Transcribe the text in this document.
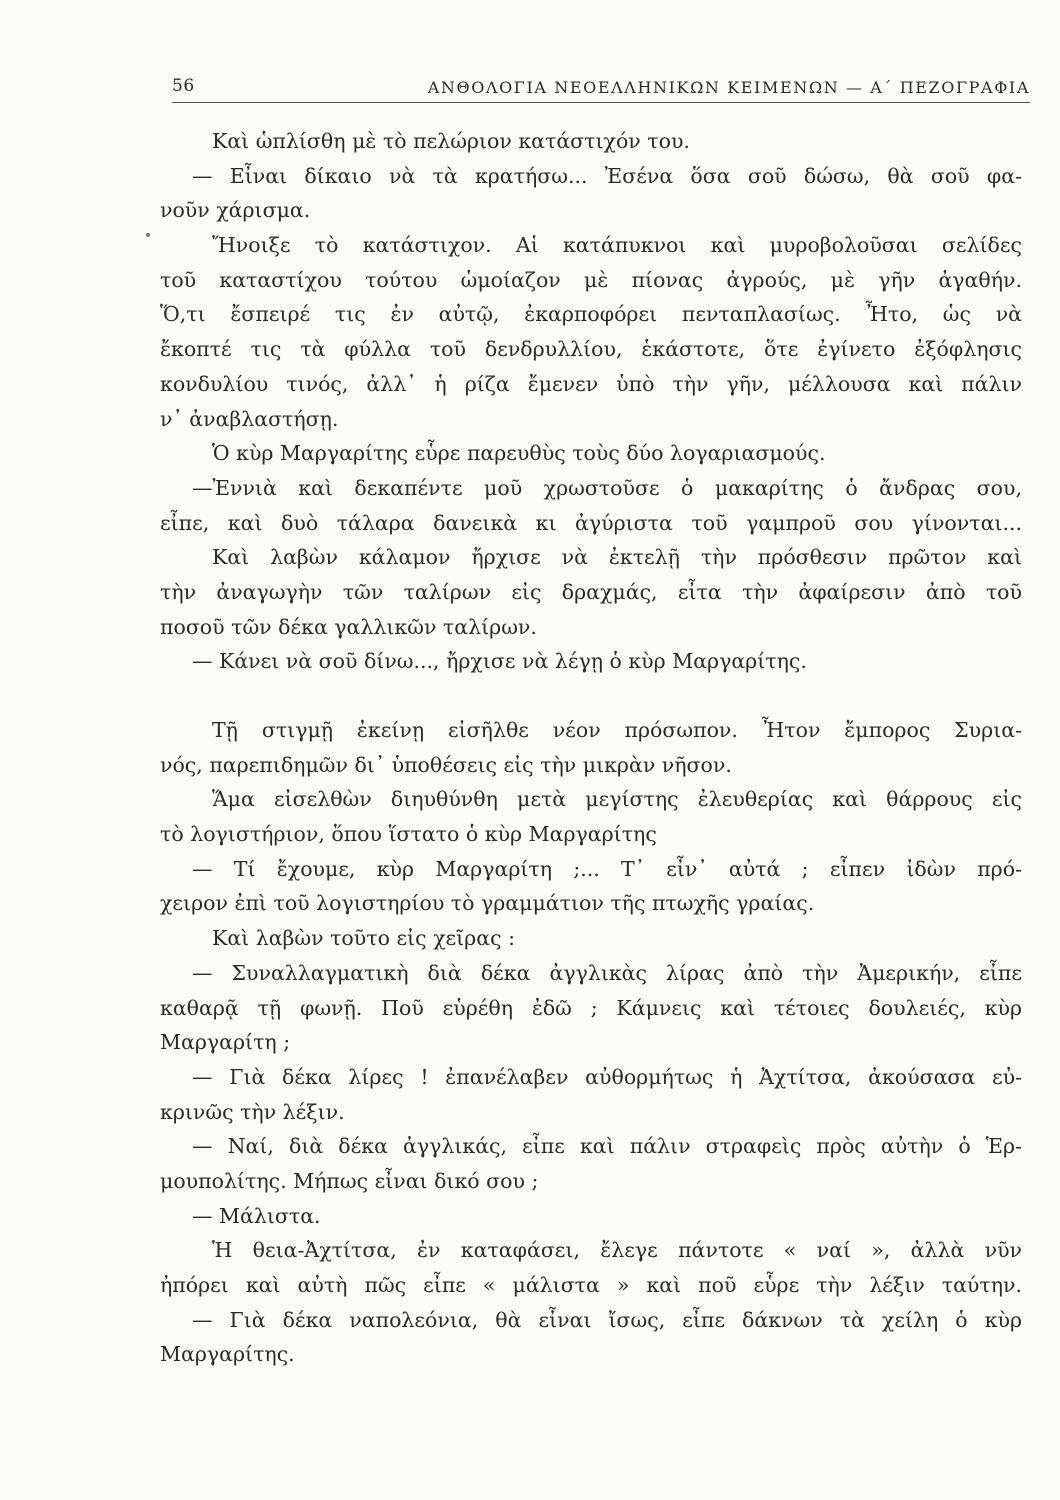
56	ΑΝΘΟΛΟΓΙΑ ΝΕΟΕΛΛΗΝΙΚΩΝ ΚΕΙΜΕΝΩΝ — Α΄ ΠΕΖΟΓΡΑΦΙΑ
Καὶ ὡπλίσθη μὲ τὸ πελώριον κατάστιχόν του.
— Εἶναι δίκαιο νὰ τὰ κρατήσω... Ἐσένα ὅσα σοῦ δώσω, θὰ σοῦ φα-
νοῦν χάρισμα.
Ἤνοιξε τὸ κατάστιχον. Αἱ κατάπυκνοι καὶ μυροβολοῦσαι σελίδες
τοῦ καταστίχου τούτου ὡμοίαζον μὲ πίονας ἀγρούς, μὲ γῆν ἀγαθήν.
Ὅ,τι ἔσπειρέ τις ἐν αὐτῷ, ἐκαρποφόρει πενταπλασίως. Ἦτο, ὡς νὰ
ἔκοπτέ τις τὰ φύλλα τοῦ δενδρυλλίου, ἑκάστοτε, ὅτε ἐγίνετο ἐξόφλησις
κονδυλίου τινός, ἀλλ᾽ ἡ ρίζα ἔμενεν ὑπὸ τὴν γῆν, μέλλουσα καὶ πάλιν
ν᾽ ἀναβλαστήσῃ.
Ὁ κὺρ Μαργαρίτης εὗρε παρευθὺς τοὺς δύο λογαριασμούς.
—Ἐννιὰ καὶ δεκαπέντε μοῦ χρωστοῦσε ὁ μακαρίτης ὁ ἄνδρας σου,
εἶπε, καὶ δυὸ τάλαρα δανεικὰ κι ἀγύριστα τοῦ γαμπροῦ σου γίνονται...
Καὶ λαβὼν κάλαμον ἤρχισε νὰ ἐκτελῇ τὴν πρόσθεσιν πρῶτον καὶ
τὴν ἀναγωγὴν τῶν ταλίρων εἰς δραχμάς, εἶτα τὴν ἀφαίρεσιν ἀπὸ τοῦ
ποσοῦ τῶν δέκα γαλλικῶν ταλίρων.
— Κάνει νὰ σοῦ δίνω..., ἤρχισε νὰ λέγῃ ὁ κὺρ Μαργαρίτης.
Τῇ στιγμῇ ἐκείνῃ εἰσῆλθε νέον πρόσωπον. Ἦτον ἔμπορος Συρια-
νός, παρεπιδημῶν δι᾽ ὑποθέσεις εἰς τὴν μικρὰν νῆσον.
Ἅμα εἰσελθὼν διηυθύνθη μετὰ μεγίστης ἐλευθερίας καὶ θάρρους εἰς
τὸ λογιστήριον, ὅπου ἵστατο ὁ κὺρ Μαργαρίτης
— Τί ἔχουμε, κὺρ Μαργαρίτη ;... Τ᾽ εἶν᾽ αὐτά ; εἶπεν ἰδὼν πρό-
χειρον ἐπὶ τοῦ λογιστηρίου τὸ γραμμάτιον τῆς πτωχῆς γραίας.
Καὶ λαβὼν τοῦτο εἰς χεῖρας :
— Συναλλαγματικὴ διὰ δέκα ἀγγλικὰς λίρας ἀπὸ τὴν Ἀμερικήν, εἶπε
καθαρᾷ τῇ φωνῇ. Ποῦ εὑρέθη ἐδῶ ; Κάμνεις καὶ τέτοιες δουλειές, κὺρ
Μαργαρίτη ;
— Γιὰ δέκα λίρες ! ἐπανέλαβεν αὐθορμήτως ἡ Ἀχτίτσα, ἀκούσασα εὐ-
κρινῶς τὴν λέξιν.
— Ναί, διὰ δέκα ἀγγλικάς, εἶπε καὶ πάλιν στραφεὶς πρὸς αὐτὴν ὁ Ἑρ-
μουπολίτης. Μήπως εἶναι δικό σου ;
— Μάλιστα.
Ἡ θεια-Ἀχτίτσα, ἐν καταφάσει, ἔλεγε πάντοτε « ναί », ἀλλὰ νῦν
ἠπόρει καὶ αὐτὴ πῶς εἶπε « μάλιστα » καὶ ποῦ εὗρε τὴν λέξιν ταύτην.
— Γιὰ δέκα ναπολεόνια, θὰ εἶναι ἴσως, εἶπε δάκνων τὰ χείλη ὁ κὺρ
Μαργαρίτης.
